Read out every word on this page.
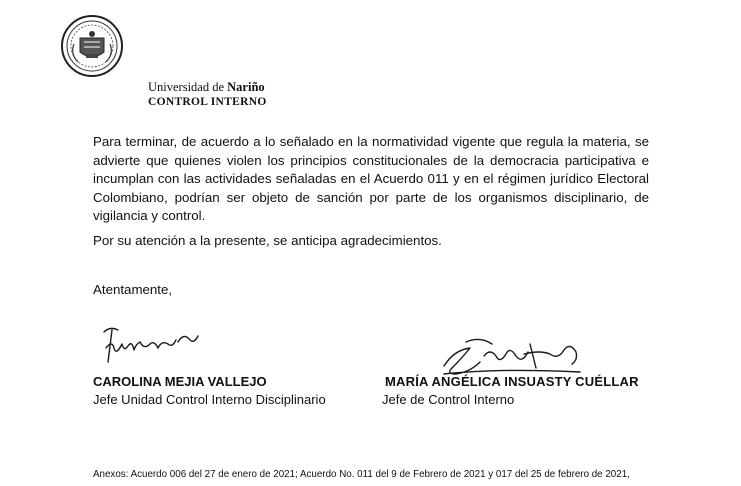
Universidad de Nariño
CONTROL INTERNO

Para terminar, de acuerdo a lo señalado en la normatividad vigente que regula la materia, se advierte que quienes violen los principios constitucionales de la democracia participativa e incumplan con las actividades señaladas en el Acuerdo 011 y en el régimen jurídico Electoral Colombiano, podrían ser objeto de sanción por parte de los organismos disciplinario, de vigilancia y control.

Por su atención a la presente, se anticipa agradecimientos.

Atentamente,

CAROLINA MEJIA VALLEJO

Jefe Unidad Control Interno Disciplinario

MARÍA ANGÉLICA INSUASTY CUÉLLAR

Jefe de Control Interno

Anexos: Acuerdo 006 del 27 de enero de 2021; Acuerdo No. 011 del 9 de Febrero de 2021 y 017 del 25 de febrero de 2021,
